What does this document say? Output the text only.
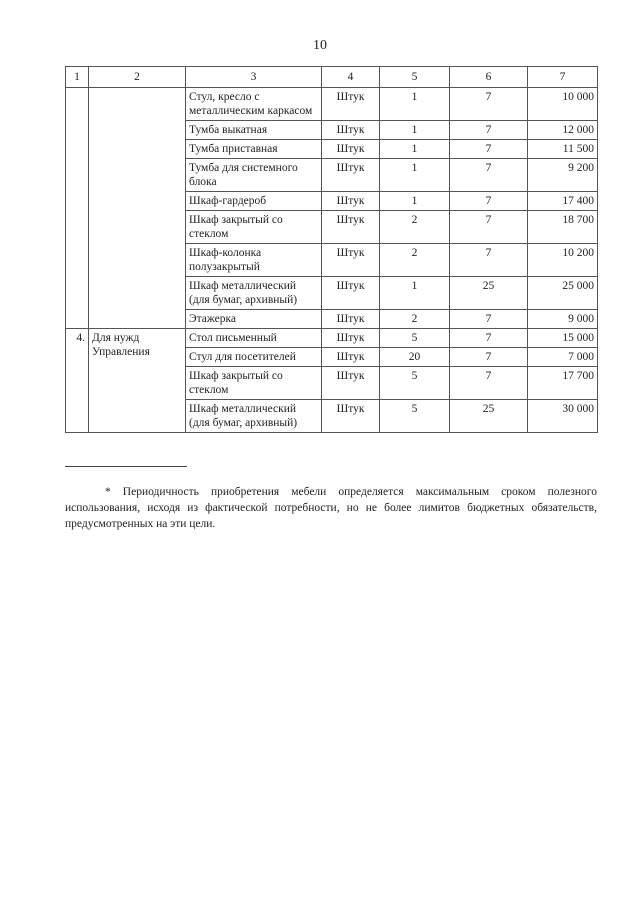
10
1	2	3	4	5	6	7
		Стул, кресло с металлическим каркасом	Штук	1	7	10 000
		Тумба выкатная	Штук	1	7	12 000
		Тумба приставная	Штук	1	7	11 500
		Тумба для системного блока	Штук	1	7	9 200
		Шкаф-гардероб	Штук	1	7	17 400
		Шкаф закрытый со стеклом	Штук	2	7	18 700
		Шкаф-колонка полузакрытый	Штук	2	7	10 200
		Шкаф металлический (для бумаг, архивный)	Штук	1	25	25 000
		Этажерка	Штук	2	7	9 000
4.	Для нужд Управления	Стол письменный	Штук	5	7	15 000
		Стул для посетителей	Штук	20	7	7 000
		Шкаф закрытый со стеклом	Штук	5	7	17 700
		Шкаф металлический (для бумаг, архивный)	Штук	5	25	30 000

* Периодичность приобретения мебели определяется максимальным сроком полезного использования, исходя из фактической потребности, но не более лимитов бюджетных обязательств, предусмотренных на эти цели.
